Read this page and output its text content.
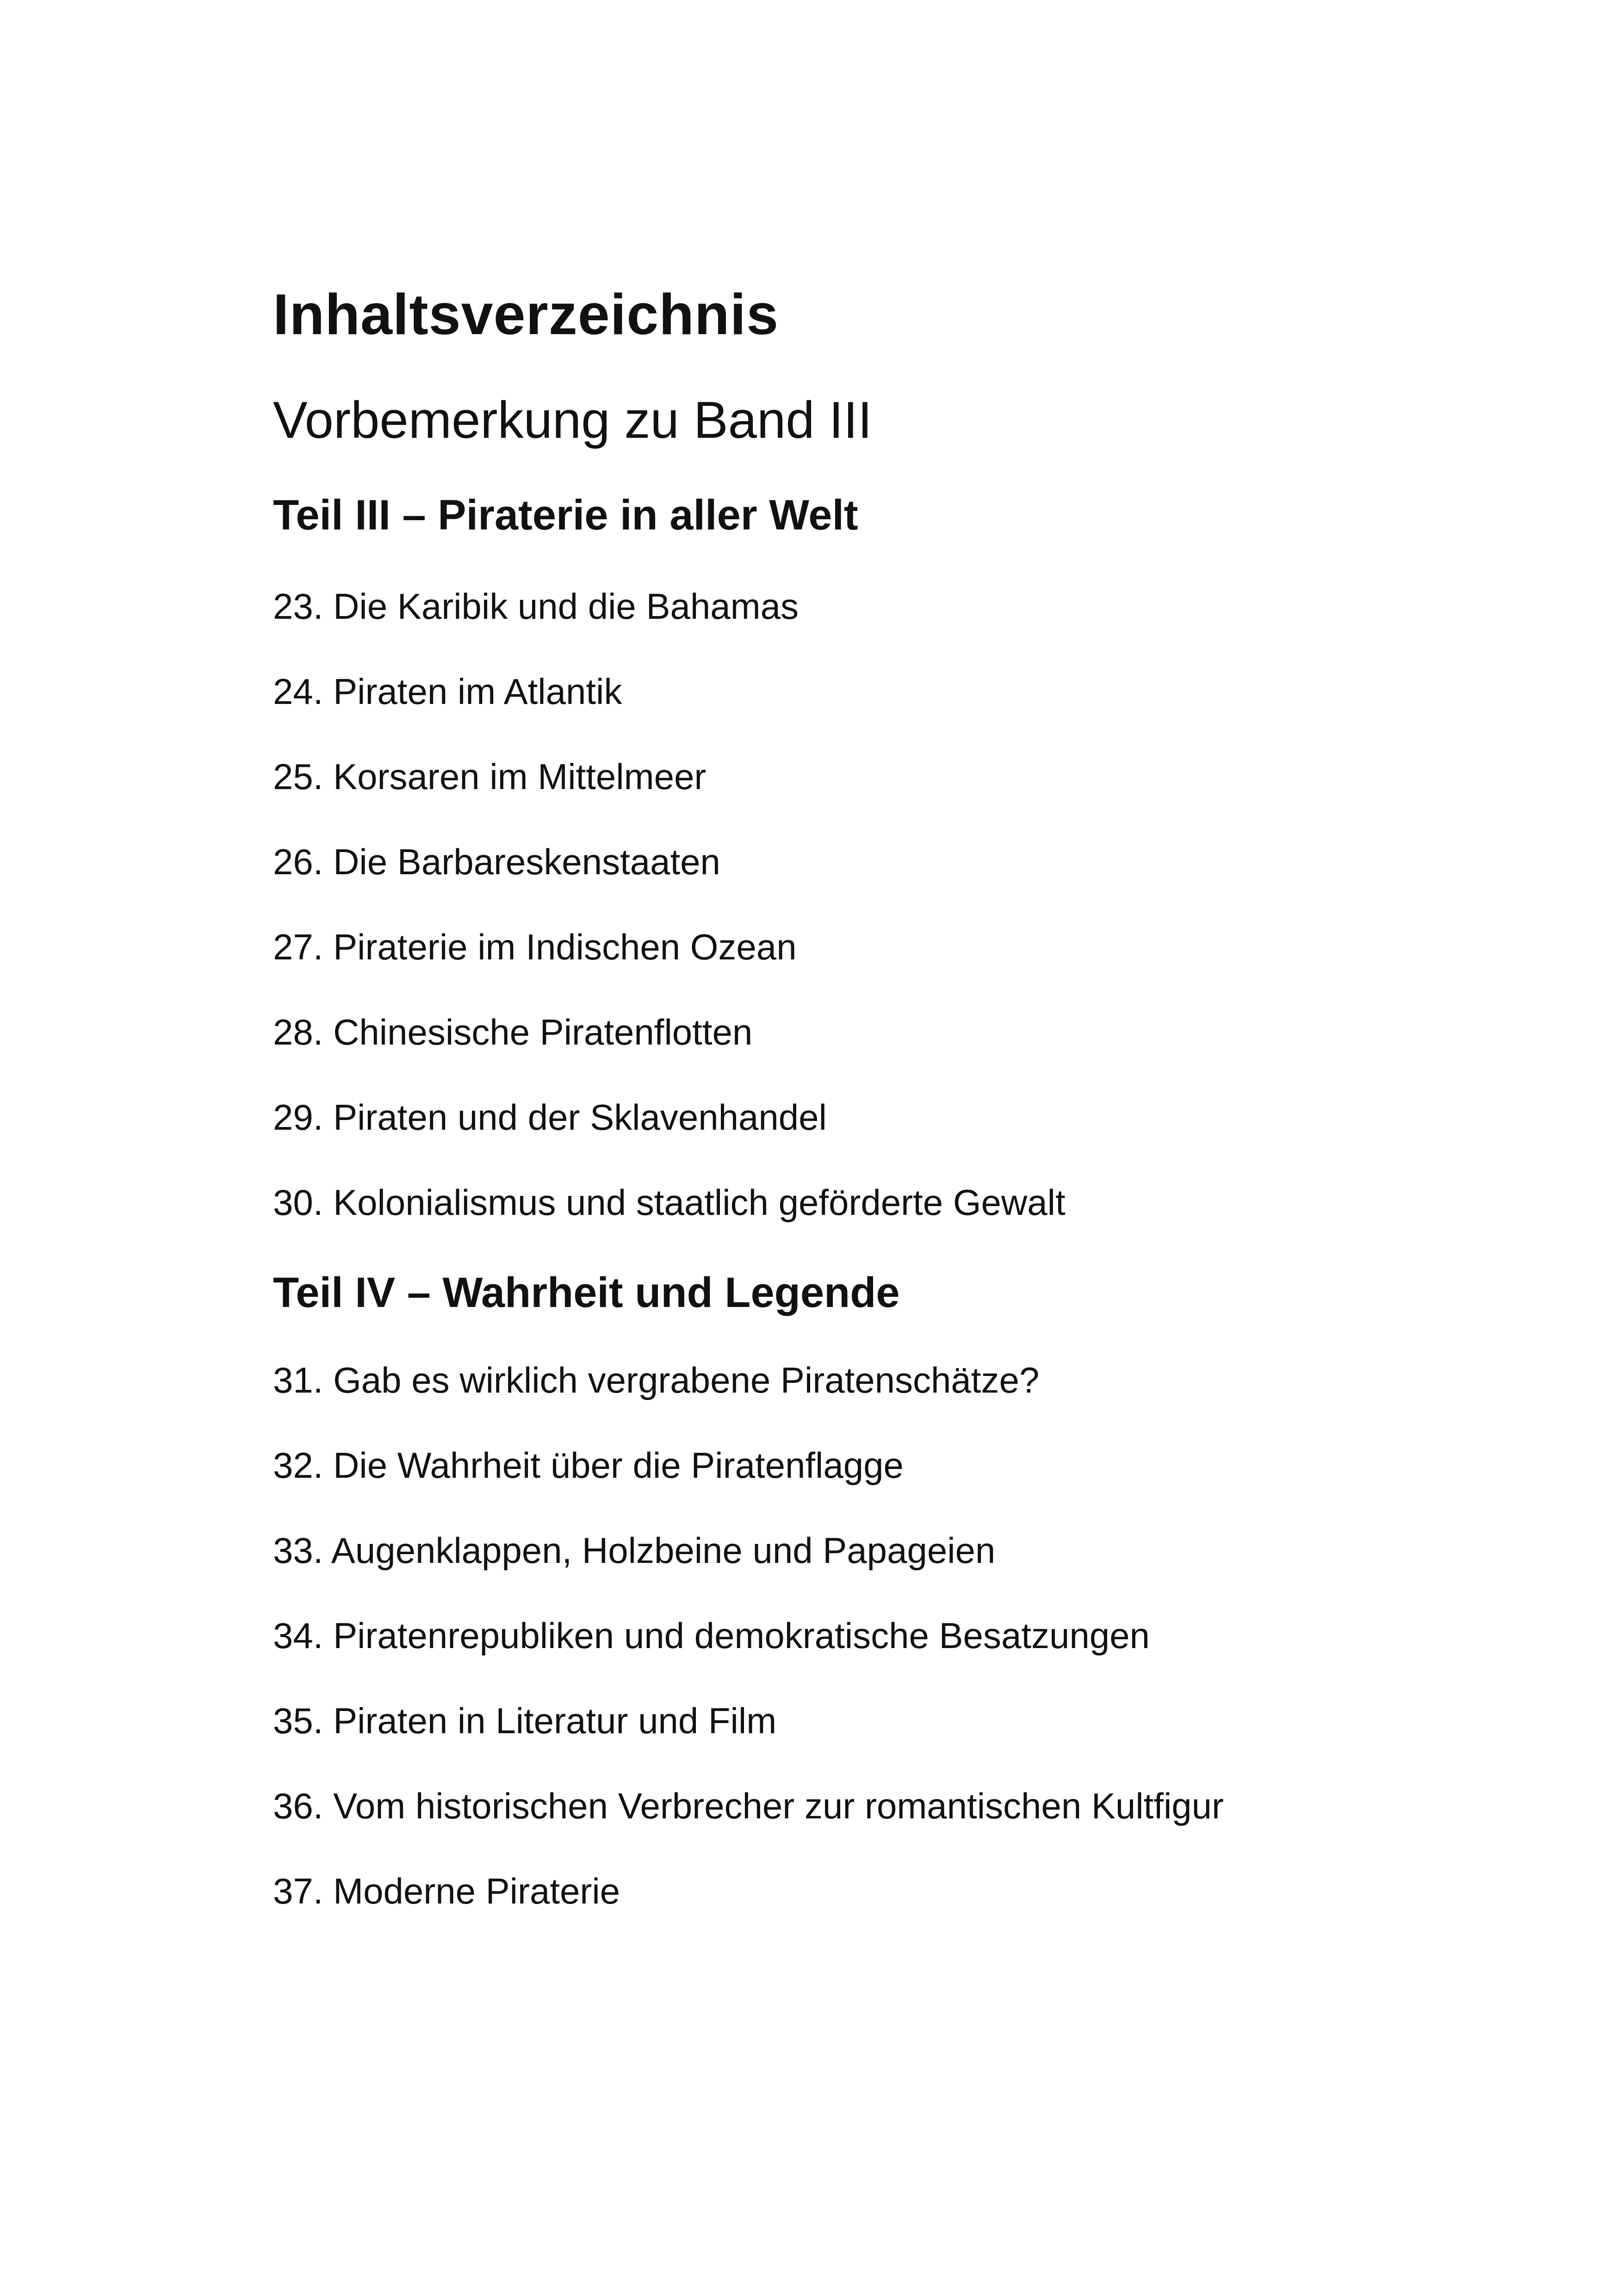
Inhaltsverzeichnis
Vorbemerkung zu Band III
Teil III – Piraterie in aller Welt
23. Die Karibik und die Bahamas
24. Piraten im Atlantik
25. Korsaren im Mittelmeer
26. Die Barbareskenstaaten
27. Piraterie im Indischen Ozean
28. Chinesische Piratenflotten
29. Piraten und der Sklavenhandel
30. Kolonialismus und staatlich geförderte Gewalt
Teil IV – Wahrheit und Legende
31. Gab es wirklich vergrabene Piratenschätze?
32. Die Wahrheit über die Piratenflagge
33. Augenklappen, Holzbeine und Papageien
34. Piratenrepubliken und demokratische Besatzungen
35. Piraten in Literatur und Film
36. Vom historischen Verbrecher zur romantischen Kultfigur
37. Moderne Piraterie
